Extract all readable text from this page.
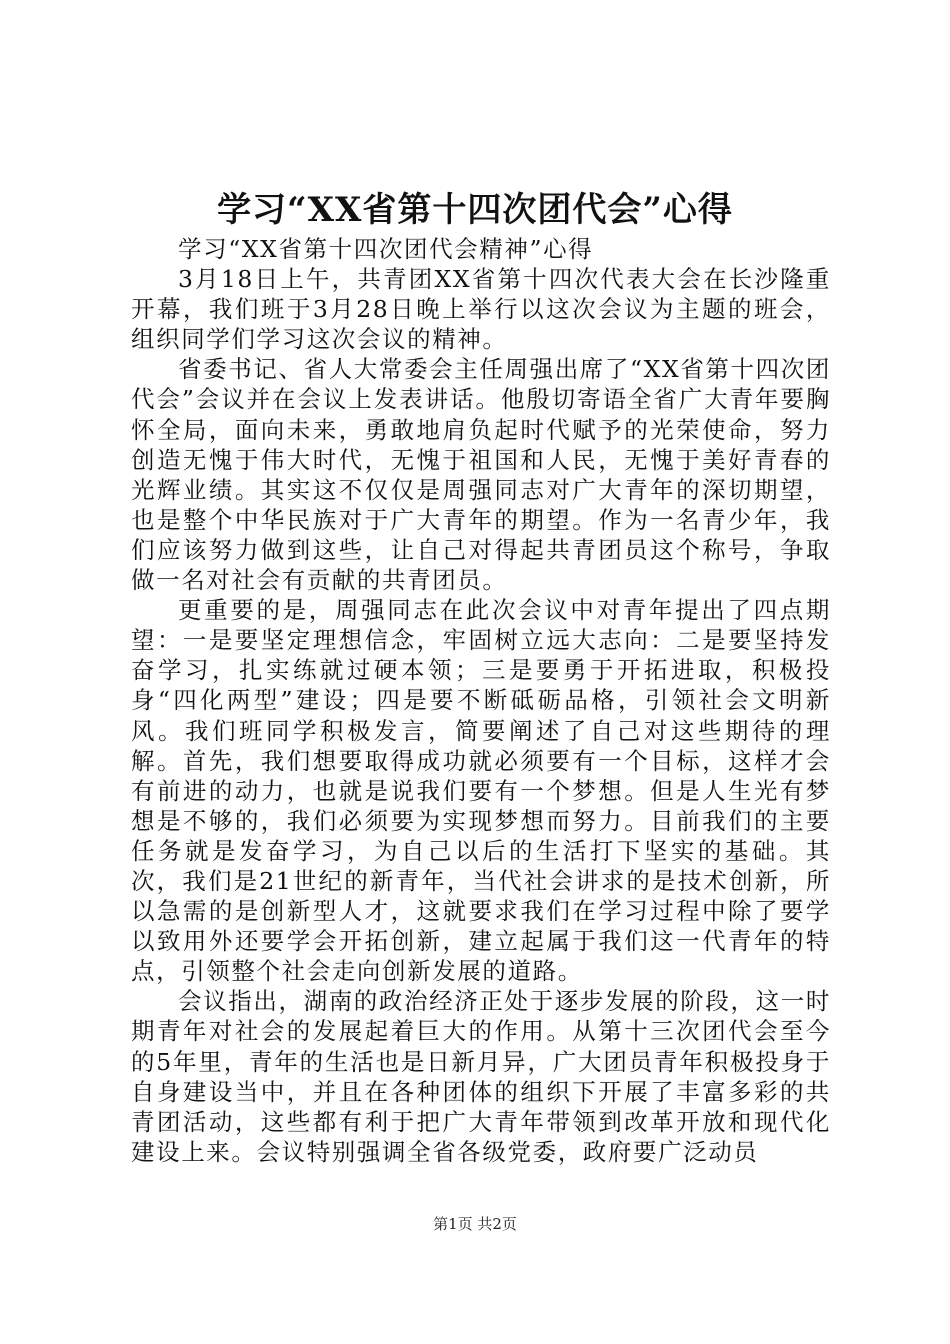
学习“XX省第十四次团代会”心得

学习“XX省第十四次团代会精神”心得

3月18日上午，共青团XX省第十四次代表大会在长沙隆重开幕，我们班于3月28日晚上举行以这次会议为主题的班会，组织同学们学习这次会议的精神。

省委书记、省人大常委会主任周强出席了“XX省第十四次团代会”会议并在会议上发表讲话。他殷切寄语全省广大青年要胸怀全局，面向未来，勇敢地肩负起时代赋予的光荣使命，努力创造无愧于伟大时代，无愧于祖国和人民，无愧于美好青春的光辉业绩。其实这不仅仅是周强同志对广大青年的深切期望，也是整个中华民族对于广大青年的期望。作为一名青少年，我们应该努力做到这些，让自己对得起共青团员这个称号，争取做一名对社会有贡献的共青团员。

更重要的是，周强同志在此次会议中对青年提出了四点期望：一是要坚定理想信念，牢固树立远大志向：二是要坚持发奋学习，扎实练就过硬本领；三是要勇于开拓进取，积极投身“四化两型”建设；四是要不断砥砺品格，引领社会文明新风。我们班同学积极发言，简要阐述了自己对这些期待的理解。首先，我们想要取得成功就必须要有一个目标，这样才会有前进的动力，也就是说我们要有一个梦想。但是人生光有梦想是不够的，我们必须要为实现梦想而努力。目前我们的主要任务就是发奋学习，为自己以后的生活打下坚实的基础。其次，我们是21世纪的新青年，当代社会讲求的是技术创新，所以急需的是创新型人才，这就要求我们在学习过程中除了要学以致用外还要学会开拓创新，建立起属于我们这一代青年的特点，引领整个社会走向创新发展的道路。

会议指出，湖南的政治经济正处于逐步发展的阶段，这一时期青年对社会的发展起着巨大的作用。从第十三次团代会至今的5年里，青年的生活也是日新月异，广大团员青年积极投身于自身建设当中，并且在各种团体的组织下开展了丰富多彩的共青团活动，这些都有利于把广大青年带领到改革开放和现代化建设上来。会议特别强调全省各级党委，政府要广泛动员

第1页 共2页
